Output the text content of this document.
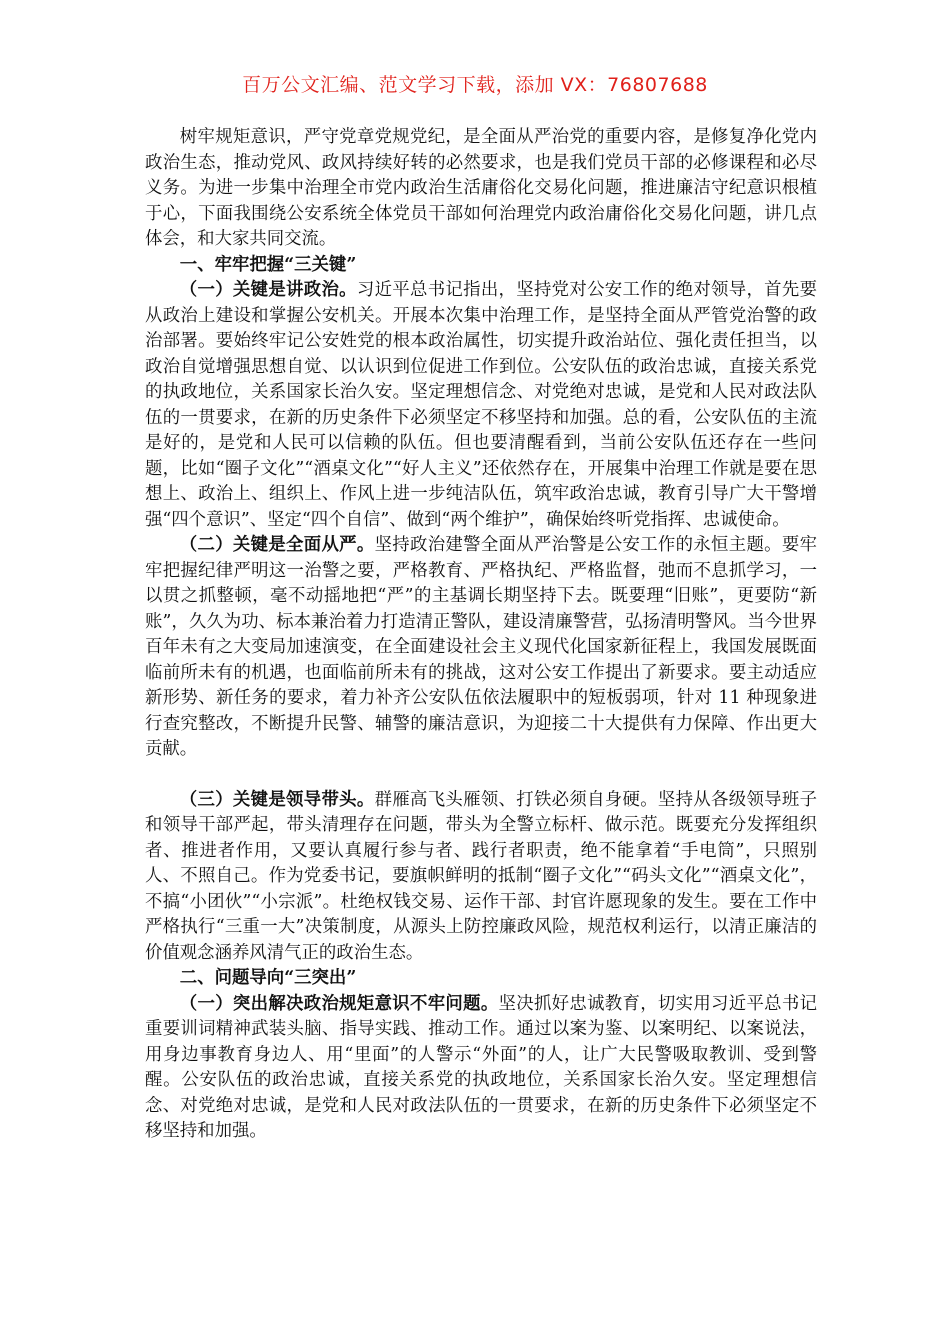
百万公文汇编、范文学习下载，添加 VX：76807688

树牢规矩意识，严守党章党规党纪，是全面从严治党的重要内容，是修复净化党内政治生态，推动党风、政风持续好转的必然要求，也是我们党员干部的必修课程和必尽义务。为进一步集中治理全市党内政治生活庸俗化交易化问题，推进廉洁守纪意识根植于心，下面我围绕公安系统全体党员干部如何治理党内政治庸俗化交易化问题，讲几点体会，和大家共同交流。

一、牢牢把握“三关键”

（一）关键是讲政治。习近平总书记指出，坚持党对公安工作的绝对领导，首先要从政治上建设和掌握公安机关。开展本次集中治理工作，是坚持全面从严管党治警的政治部署。要始终牢记公安姓党的根本政治属性，切实提升政治站位、强化责任担当，以政治自觉增强思想自觉、以认识到位促进工作到位。公安队伍的政治忠诚，直接关系党的执政地位，关系国家长治久安。坚定理想信念、对党绝对忠诚，是党和人民对政法队伍的一贯要求，在新的历史条件下必须坚定不移坚持和加强。总的看，公安队伍的主流是好的，是党和人民可以信赖的队伍。但也要清醒看到，当前公安队伍还存在一些问题，比如“圈子文化”“酒桌文化”“好人主义”还依然存在，开展集中治理工作就是要在思想上、政治上、组织上、作风上进一步纯洁队伍，筑牢政治忠诚，教育引导广大干警增强“四个意识”、坚定“四个自信”、做到“两个维护”，确保始终听党指挥、忠诚使命。

（二）关键是全面从严。坚持政治建警全面从严治警是公安工作的永恒主题。要牢牢把握纪律严明这一治警之要，严格教育、严格执纪、严格监督，弛而不息抓学习，一以贯之抓整顿，毫不动摇地把“严”的主基调长期坚持下去。既要理“旧账”，更要防“新账”，久久为功、标本兼治着力打造清正警队，建设清廉警营，弘扬清明警风。当今世界百年未有之大变局加速演变，在全面建设社会主义现代化国家新征程上，我国发展既面临前所未有的机遇，也面临前所未有的挑战，这对公安工作提出了新要求。要主动适应新形势、新任务的要求，着力补齐公安队伍依法履职中的短板弱项，针对 11 种现象进行查究整改，不断提升民警、辅警的廉洁意识，为迎接二十大提供有力保障、作出更大贡献。

（三）关键是领导带头。群雁高飞头雁领、打铁必须自身硬。坚持从各级领导班子和领导干部严起，带头清理存在问题，带头为全警立标杆、做示范。既要充分发挥组织者、推进者作用，又要认真履行参与者、践行者职责，绝不能拿着“手电筒”，只照别人、不照自己。作为党委书记，要旗帜鲜明的抵制“圈子文化”“码头文化”“酒桌文化”，不搞“小团伙”“小宗派”。杜绝权钱交易、运作干部、封官许愿现象的发生。要在工作中严格执行“三重一大”决策制度，从源头上防控廉政风险，规范权利运行，以清正廉洁的价值观念涵养风清气正的政治生态。

二、问题导向“三突出”

（一）突出解决政治规矩意识不牢问题。坚决抓好忠诚教育，切实用习近平总书记重要训词精神武装头脑、指导实践、推动工作。通过以案为鉴、以案明纪、以案说法，用身边事教育身边人、用“里面”的人警示“外面”的人，让广大民警吸取教训、受到警醒。公安队伍的政治忠诚，直接关系党的执政地位，关系国家长治久安。坚定理想信念、对党绝对忠诚，是党和人民对政法队伍的一贯要求，在新的历史条件下必须坚定不移坚持和加强。
